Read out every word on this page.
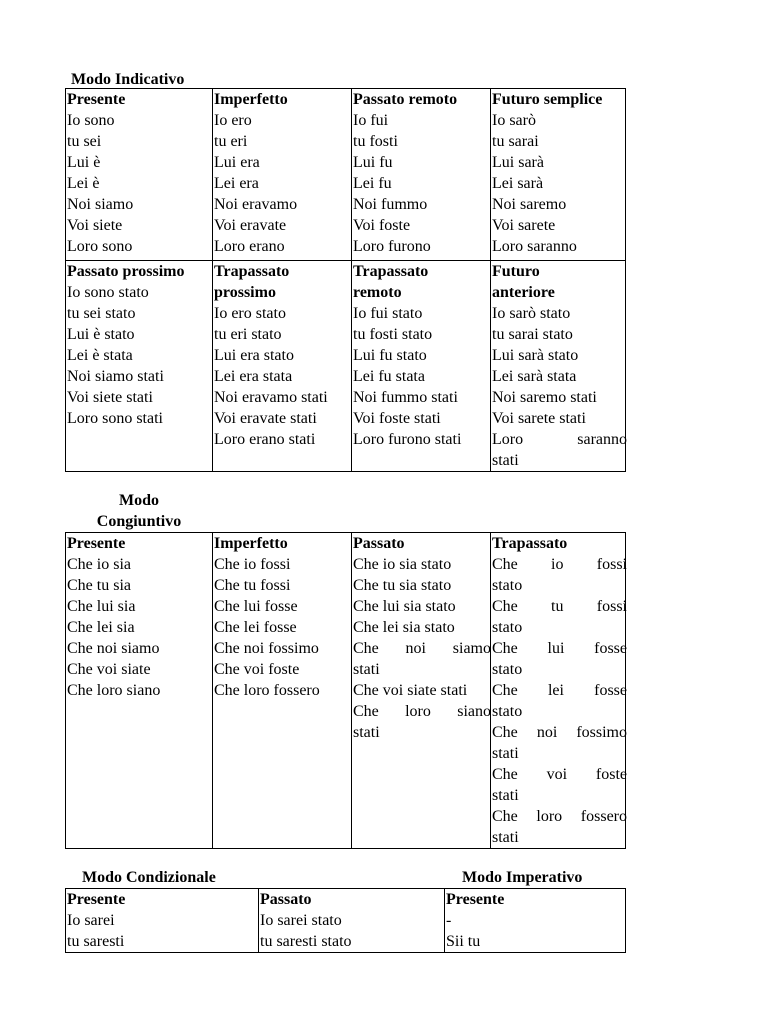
Modo Indicativo
Presente
Io sono
tu sei
Lui è
Lei è
Noi siamo
Voi siete
Loro sono
Imperfetto
Io ero
tu eri
Lui era
Lei era
Noi eravamo
Voi eravate
Loro erano
Passato remoto
Io fui
tu fosti
Lui fu
Lei fu
Noi fummo
Voi foste
Loro furono
Futuro semplice
Io sarò
tu sarai
Lui sarà
Lei sarà
Noi saremo
Voi sarete
Loro saranno
Passato prossimo
Io sono stato
tu sei stato
Lui è stato
Lei è stata
Noi siamo stati
Voi siete stati
Loro sono stati
Trapassato
prossimo
Io ero stato
tu eri stato
Lui era stato
Lei era stata
Noi eravamo stati
Voi eravate stati
Loro erano stati
Trapassato
remoto
Io fui stato
tu fosti stato
Lui fu stato
Lei fu stata
Noi fummo stati
Voi foste stati
Loro furono stati
Futuro
anteriore
Io sarò stato
tu sarai stato
Lui sarà stato
Lei sarà stata
Noi saremo stati
Voi sarete stati
Loro saranno
stati
Modo
Congiuntivo
Presente
Che io sia
Che tu sia
Che lui sia
Che lei sia
Che noi siamo
Che voi siate
Che loro siano
Imperfetto
Che io fossi
Che tu fossi
Che lui fosse
Che lei fosse
Che noi fossimo
Che voi foste
Che loro fossero
Passato
Che io sia stato
Che tu sia stato
Che lui sia stato
Che lei sia stato
Che noi siamo
stati
Che voi siate stati
Che loro siano
stati
Trapassato
Che io fossi
stato
Che tu fossi
stato
Che lui fosse
stato
Che lei fosse
stato
Che noi fossimo
stati
Che voi foste
stati
Che loro fossero
stati
Modo Condizionale	Modo Imperativo
Presente
Io sarei
tu saresti
Passato
Io sarei stato
tu saresti stato
Presente
-
Sii tu
